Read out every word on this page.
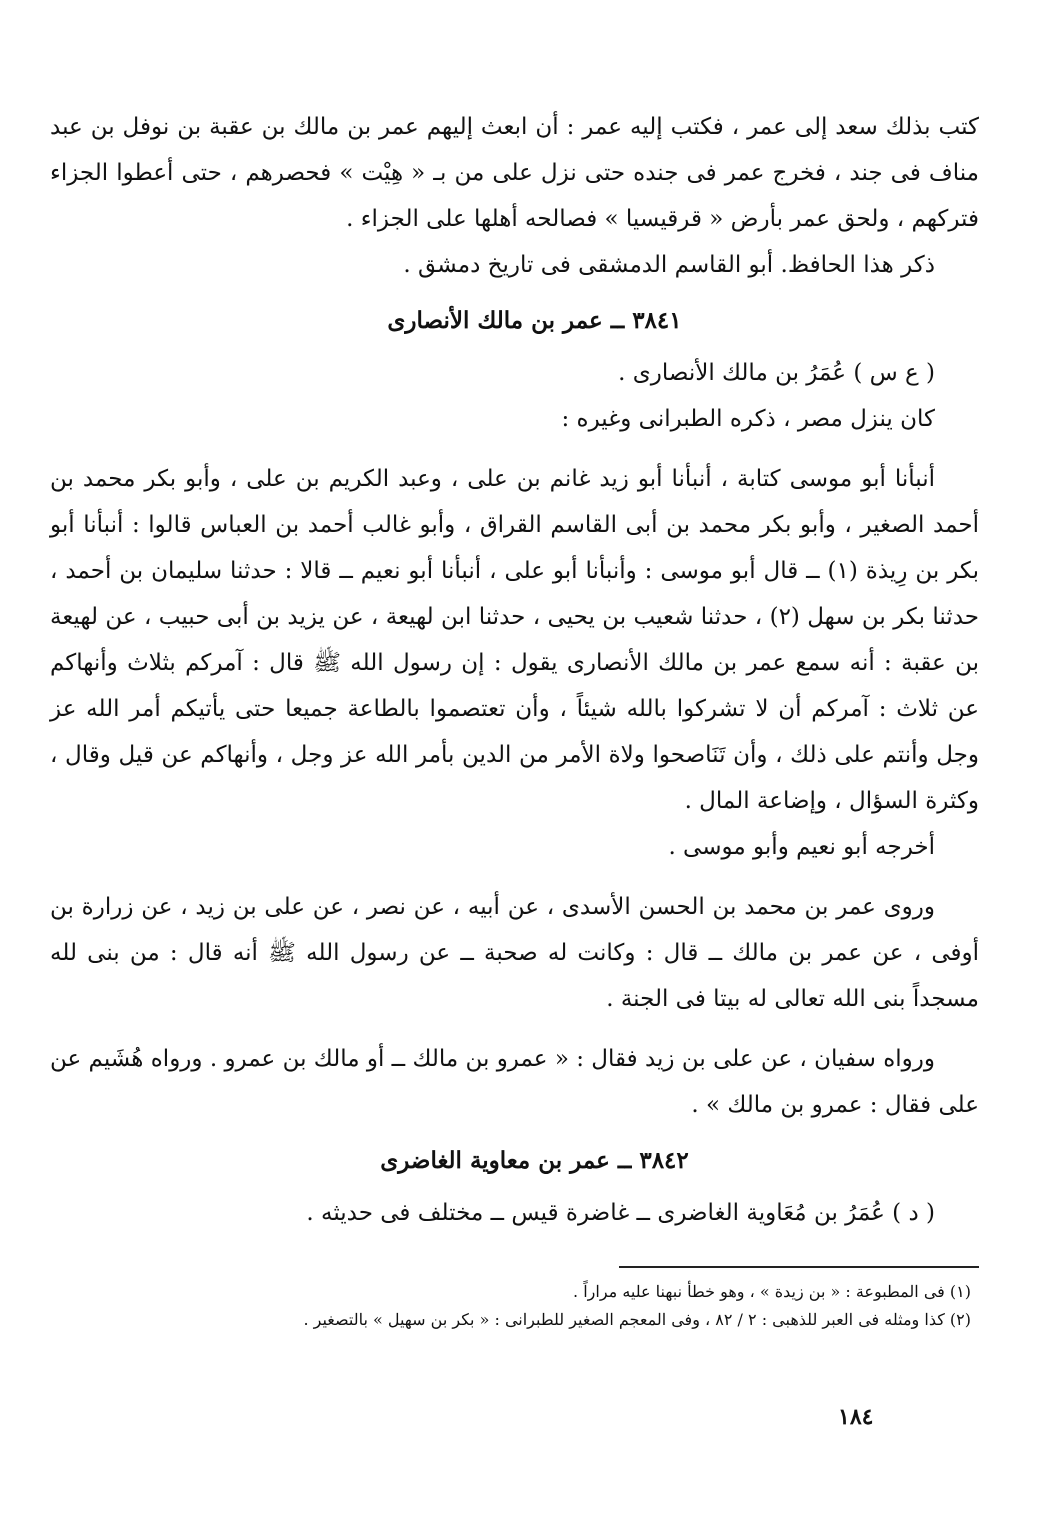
كتب بذلك سعد إلى عمر ، فكتب إليه عمر : أن ابعث إليهم عمر بن مالك بن عقبة بن نوفل بن عبد مناف فى جند ، فخرج عمر فى جنده حتى نزل على من بـ « هِيْت » فحصرهم ، حتى أعطوا الجزاء فتركهم ، ولحق عمر بأرض « قرقيسيا » فصالحه أهلها على الجزاء .

ذكر هذا الحافظ. أبو القاسم الدمشقى فى تاريخ دمشق .

٣٨٤١ ــ عمر بن مالك الأنصارى

( ع س ) عُمَرُ بن مالك الأنصارى .

كان ينزل مصر ، ذكره الطبرانى وغيره :

أنبأنا أبو موسى كتابة ، أنبأنا أبو زيد غانم بن على ، وعبد الكريم بن على ، وأبو بكر محمد بن أحمد الصغير ، وأبو بكر محمد بن أبى القاسم القراق ، وأبو غالب أحمد بن العباس قالوا : أنبأنا أبو بكر بن رِيذة (١) ــ قال أبو موسى : وأنبأنا أبو على ، أنبأنا أبو نعيم ــ قالا : حدثنا سليمان بن أحمد ، حدثنا بكر بن سهل (٢) ، حدثنا شعيب بن يحيى ، حدثنا ابن لهيعة ، عن يزيد بن أبى حبيب ، عن لهيعة بن عقبة : أنه سمع عمر بن مالك الأنصارى يقول : إن رسول الله ﷺ قال : آمركم بثلاث وأنهاكم عن ثلاث : آمركم أن لا تشركوا بالله شيئاً ، وأن تعتصموا بالطاعة جميعا حتى يأتيكم أمر الله عز وجل وأنتم على ذلك ، وأن تَنَاصحوا ولاة الأمر من الدين بأمر الله عز وجل ، وأنهاكم عن قيل وقال ، وكثرة السؤال ، وإضاعة المال .

أخرجه أبو نعيم وأبو موسى .

وروى عمر بن محمد بن الحسن الأسدى ، عن أبيه ، عن نصر ، عن على بن زيد ، عن زرارة بن أوفى ، عن عمر بن مالك ــ قال : وكانت له صحبة ــ عن رسول الله ﷺ أنه قال : من بنى لله مسجداً بنى الله تعالى له بيتا فى الجنة .

ورواه سفيان ، عن على بن زيد فقال : « عمرو بن مالك ــ أو مالك بن عمرو . ورواه هُشَيم عن على فقال : عمرو بن مالك » .

٣٨٤٢ ــ عمر بن معاوية الغاضرى

( د ) عُمَرُ بن مُعَاوية الغاضرى ــ غاضرة قيس ــ مختلف فى حديثه .

(١) فى المطبوعة : « بن زيدة » ، وهو خطأ نبهنا عليه مراراً .

(٢) كذا ومثله فى العبر للذهبى : ٢ / ٨٢ ، وفى المعجم الصغير للطبرانى : « بكر بن سهيل » بالتصغير .

١٨٤
